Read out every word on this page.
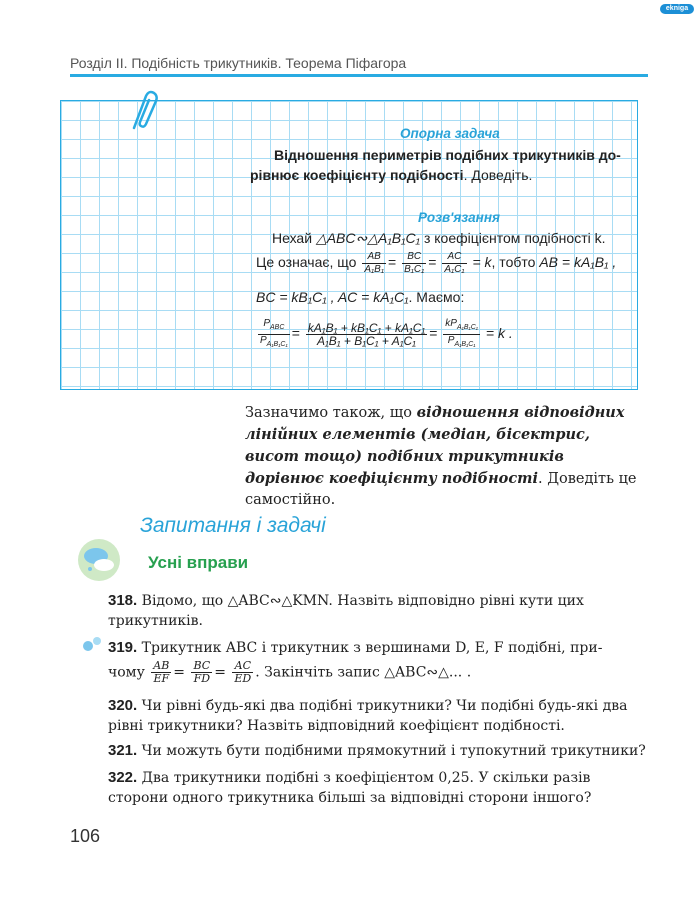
ekniga
Розділ II. Подібність трикутників. Теорема Піфагора
Опорна задача
Відношення периметрів подібних трикутників до-
рівнює коефіцієнту подібності. Доведіть.
Розв'язання
Нехай △ABC∾△A₁B₁C₁ з коефіцієнтом подібності k.
Це означає, що $\frac{AB}{\text{A₁B₁}} = \frac{BC}{\text{B₁C₁}} = \frac{AC}{\text{A₁C₁}} = k$, тобто AB = kA₁B₁ ,
BC = kB₁C₁ , AC = kA₁C₁. Маємо:
$\frac{P_{ABC}}{P_{A_1B_1C_1}} = \frac{\text{kA₁B₁ + kB₁C₁ + kA₁C₁}}{\text{A₁B₁ + B₁C₁ + A₁C₁}} = \frac{kP_{A_1B_1C_1}}{P_{A_1B_1C_1}} = k$ .
Зазначимо також, що відношення відповідних лінійних елементів (медіан, бісектрис, висот тощо) подібних трикутників дорівнює коефіцієнту подібності. Доведіть це самостійно.
Запитання і задачі
Усні вправи
318. Відомо, що △ABC∾△KMN. Назвіть відповідно рівні кути цих трикутників.
319. Трикутник ABC і трикутник з вершинами D, E, F подібні, при-
чому $\frac{AB}{EF} = \frac{BC}{FD} = \frac{AC}{ED}$ . Закінчіть запис △ABC∾△... .
320. Чи рівні будь-які два подібні трикутники? Чи подібні будь-які два рівні трикутники? Назвіть відповідний коефіцієнт подібності.
321. Чи можуть бути подібними прямокутний і тупокутний трикутники?
322. Два трикутники подібні з коефіцієнтом 0,25. У скільки разів сторони одного трикутника більші за відповідні сторони іншого?
106
